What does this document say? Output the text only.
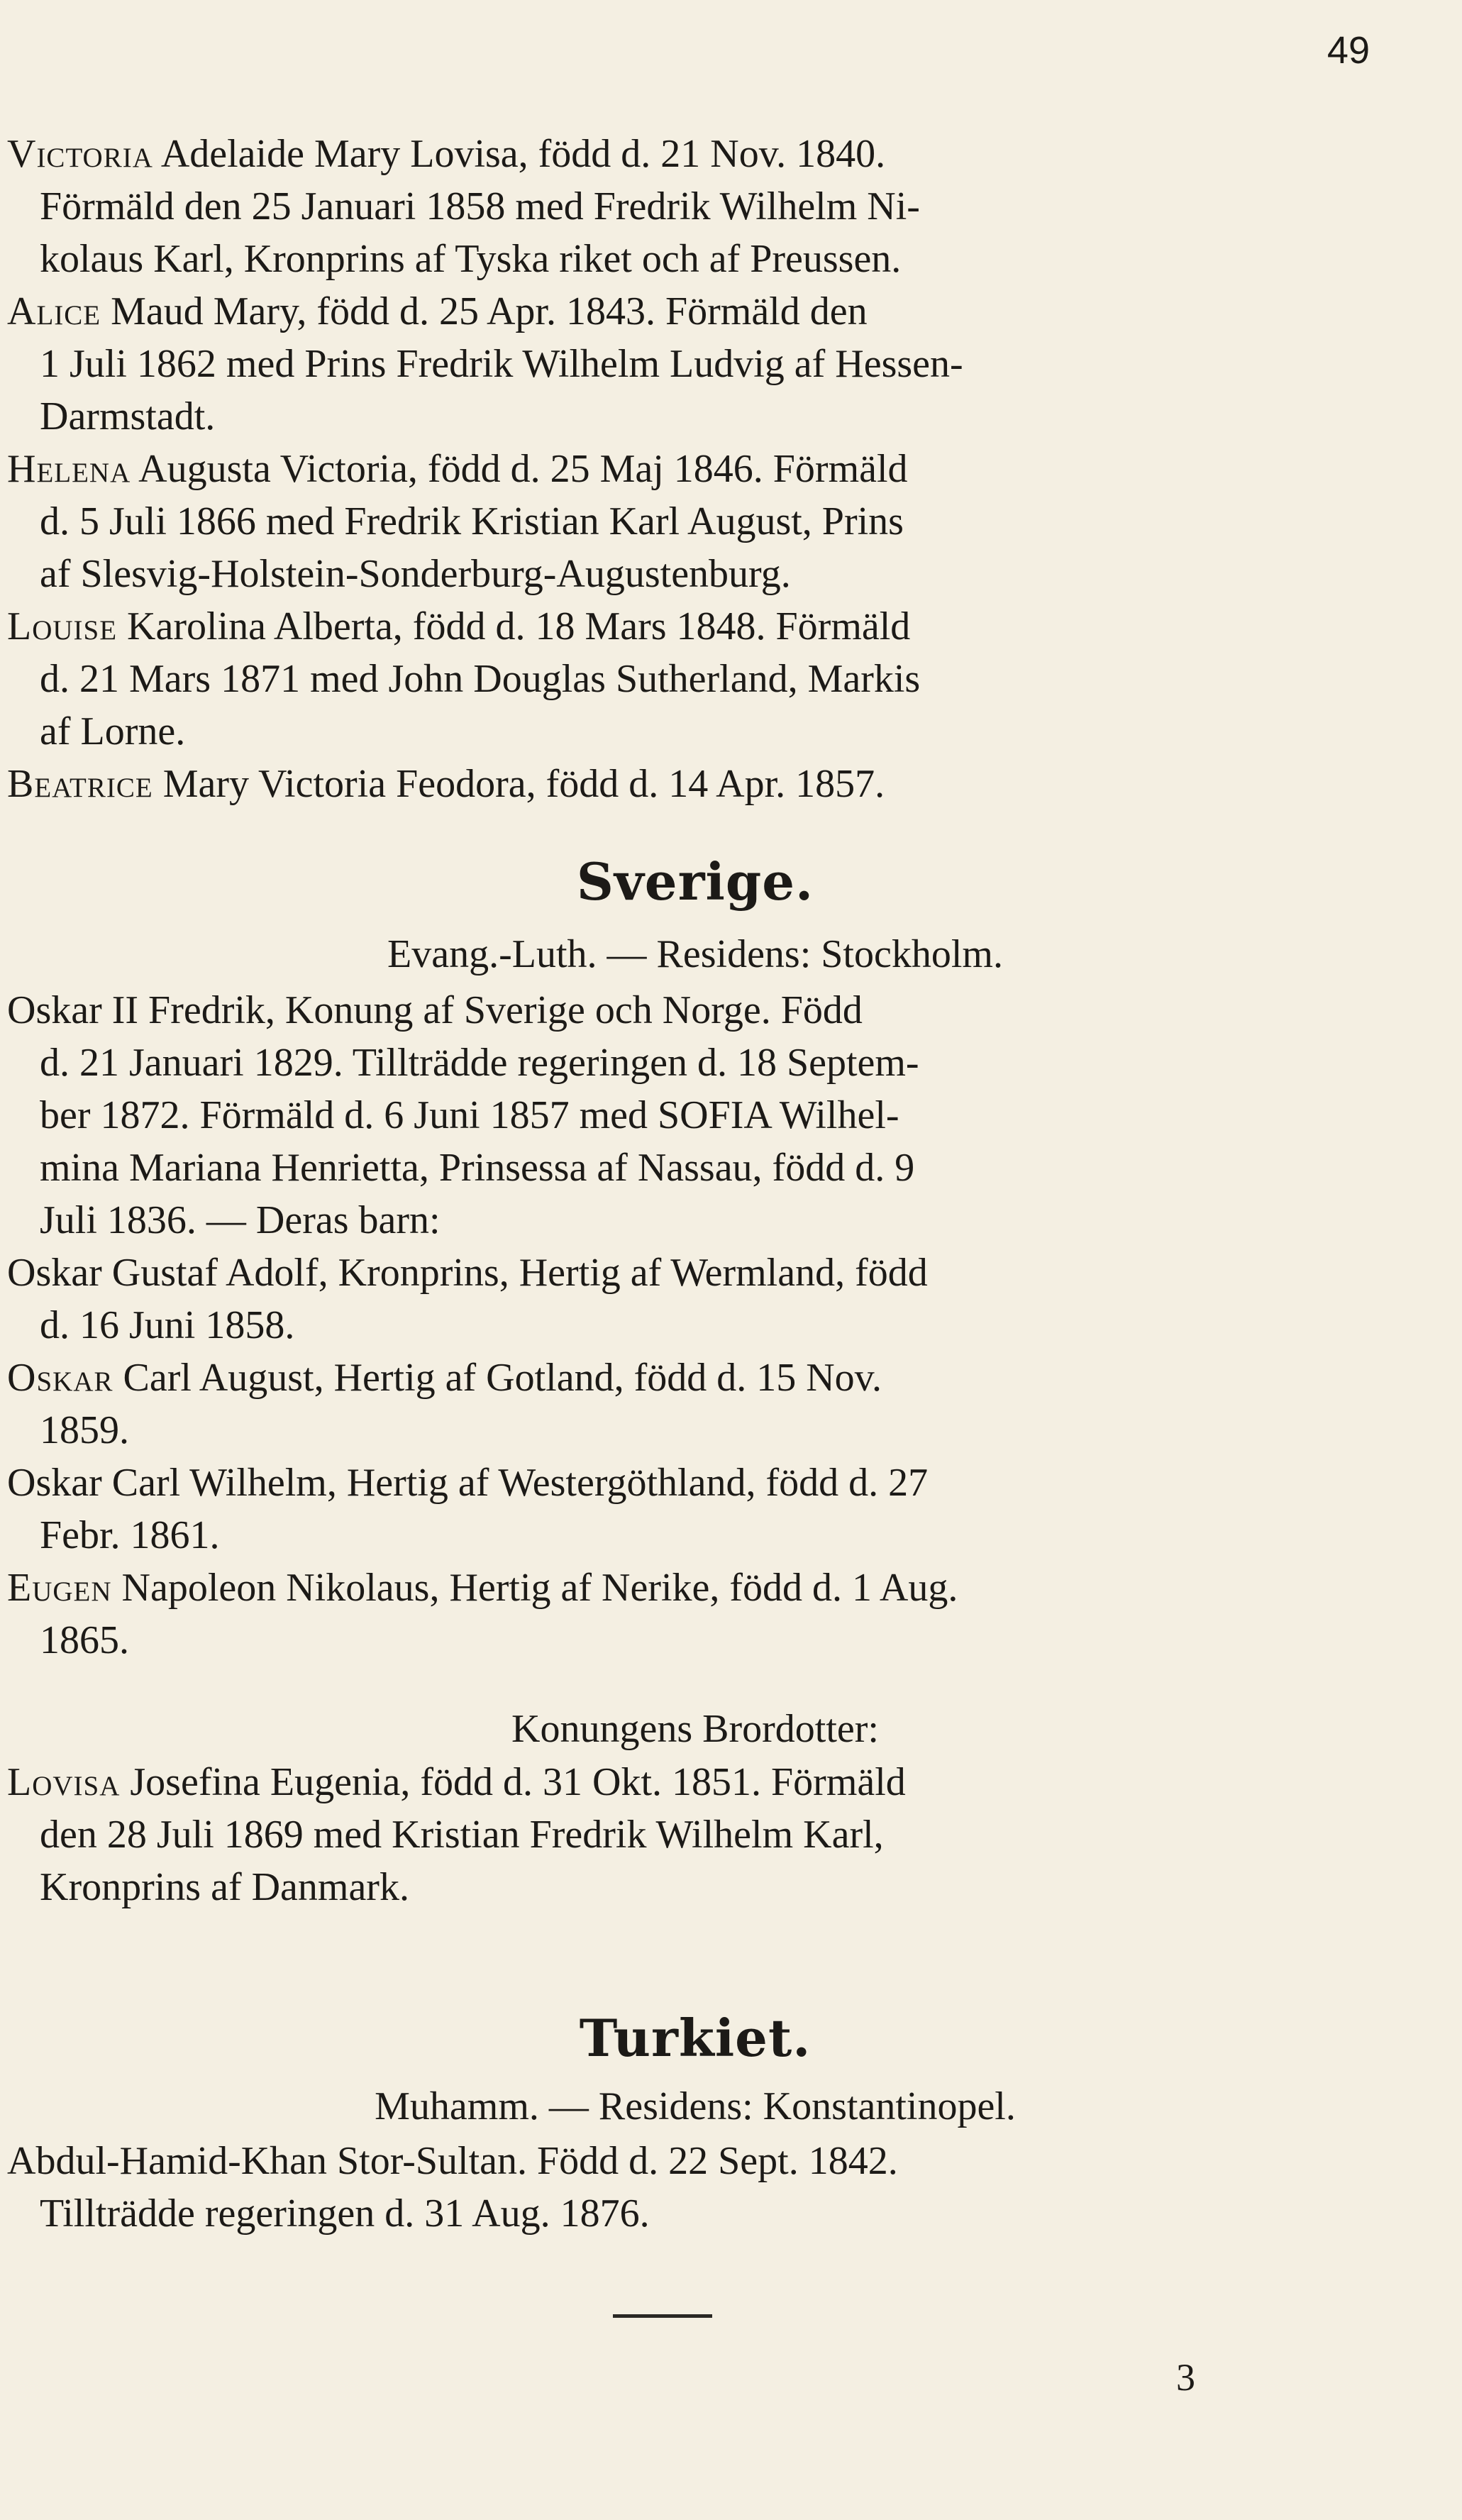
49

Victoria Adelaide Mary Lovisa, född d. 21 Nov. 1840.
Förmäld den 25 Januari 1858 med Fredrik Wilhelm Ni-
kolaus Karl, Kronprins af Tyska riket och af Preussen.

Alice Maud Mary, född d. 25 Apr. 1843. Förmäld den
1 Juli 1862 med Prins Fredrik Wilhelm Ludvig af Hessen-
Darmstadt.

Helena Augusta Victoria, född d. 25 Maj 1846. Förmäld
d. 5 Juli 1866 med Fredrik Kristian Karl August, Prins
af Slesvig-Holstein-Sonderburg-Augustenburg.

Louise Karolina Alberta, född d. 18 Mars 1848. Förmäld
d. 21 Mars 1871 med John Douglas Sutherland, Markis
af Lorne.

Beatrice Mary Victoria Feodora, född d. 14 Apr. 1857.

Sverige.

Evang.-Luth. — Residens: Stockholm.

Oskar II Fredrik, Konung af Sverige och Norge. Född
d. 21 Januari 1829. Tillträdde regeringen d. 18 Septem-
ber 1872. Förmäld d. 6 Juni 1857 med SOFIA Wilhel-
mina Mariana Henrietta, Prinsessa af Nassau, född d. 9
Juli 1836. — Deras barn:

Oskar Gustaf Adolf, Kronprins, Hertig af Wermland, född
d. 16 Juni 1858.

Oskar Carl August, Hertig af Gotland, född d. 15 Nov.
1859.

Oskar Carl Wilhelm, Hertig af Westergöthland, född d. 27
Febr. 1861.

Eugen Napoleon Nikolaus, Hertig af Nerike, född d. 1 Aug.
1865.

Konungens Brordotter:

Lovisa Josefina Eugenia, född d. 31 Okt. 1851. Förmäld
den 28 Juli 1869 med Kristian Fredrik Wilhelm Karl,
Kronprins af Danmark.

Turkiet.

Muhamm. — Residens: Konstantinopel.

Abdul-Hamid-Khan Stor-Sultan. Född d. 22 Sept. 1842.
Tillträdde regeringen d. 31 Aug. 1876.

3
